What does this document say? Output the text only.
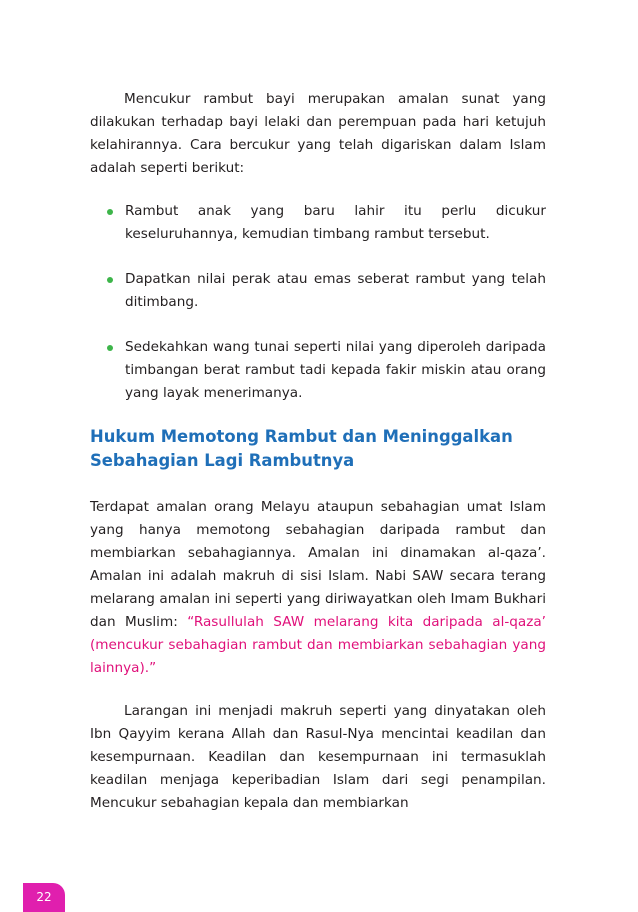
Mencukur rambut bayi merupakan amalan sunat yang dilakukan terhadap bayi lelaki dan perempuan pada hari ketujuh kelahirannya. Cara bercukur yang telah digariskan dalam Islam adalah seperti berikut:

Rambut anak yang baru lahir itu perlu dicukur keseluruhannya, kemudian timbang rambut tersebut.
Dapatkan nilai perak atau emas seberat rambut yang telah ditimbang.
Sedekahkan wang tunai seperti nilai yang diperoleh daripada timbangan berat rambut tadi kepada fakir miskin atau orang yang layak menerimanya.
Hukum Memotong Rambut dan Meninggalkan Sebahagian Lagi Rambutnya

Terdapat amalan orang Melayu ataupun sebahagian umat Islam yang hanya memotong sebahagian daripada rambut dan membiarkan sebahagiannya. Amalan ini dinamakan al-qaza’. Amalan ini adalah makruh di sisi Islam. Nabi SAW secara terang melarang amalan ini seperti yang diriwayatkan oleh Imam Bukhari dan Muslim: “Rasullulah SAW melarang kita daripada al-qaza’ (mencukur sebahagian rambut dan membiarkan sebahagian yang lainnya).”

Larangan ini menjadi makruh seperti yang dinyatakan oleh Ibn Qayyim kerana Allah dan Rasul-Nya mencintai keadilan dan kesempurnaan. Keadilan dan kesempurnaan ini termasuklah keadilan menjaga keperibadian Islam dari segi penampilan. Mencukur sebahagian kepala dan membiarkan

22
